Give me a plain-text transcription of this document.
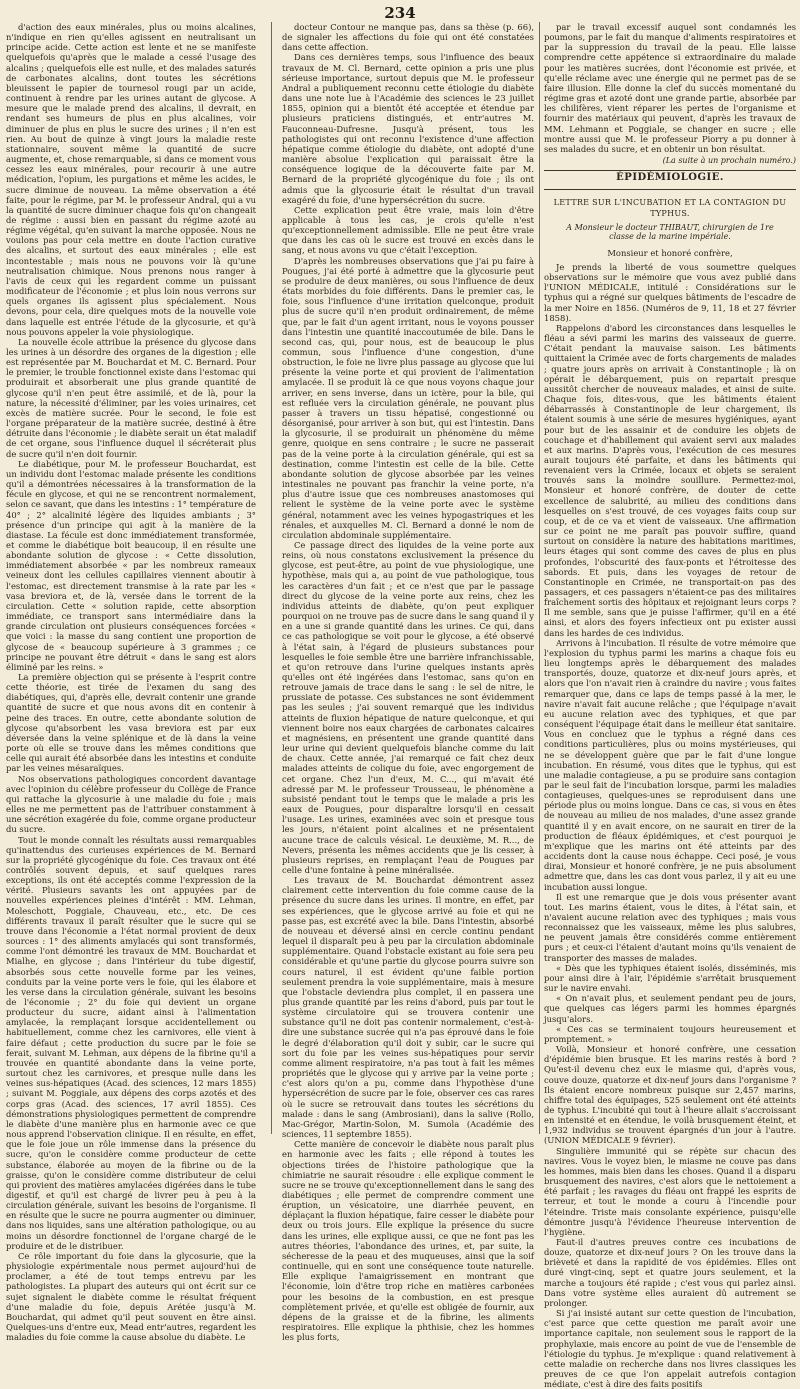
234

d'action des eaux minérales, plus ou moins alcalines, n'indique en rien qu'elles agissent en neutralisant un principe acide. Cette action est lente et ne se manifeste quelquefois qu'après que le malade a cessé l'usage des alcalins ; quelquefois elle est nulle, et des malades saturés de carbonates alcalins, dont toutes les sécrétions bleuissent le papier de tournesol rougi par un acide, continuent à rendre par les urines autant de glycose. A mesure que le malade prend des alcalins, il devrait, en rendant ses humeurs de plus en plus alcalines, voir diminuer de plus en plus le sucre des urines ; il n'en est rien. Au bout de quinze à vingt jours la maladie reste stationnaire, souvent même la quantité de sucre augmente, et, chose remarquable, si dans ce moment vous cessez les eaux minérales, pour recourir à une autre médication, l'opium, les purgations et même les acides, le sucre diminue de nouveau. La même observation a été faite, pour le régime, par M. le professeur Andral, qui a vu la quantité de sucre diminuer chaque fois qu'on changeait de régime : aussi bien en passant du régime azoté au régime végétal, qu'en suivant la marche opposée. Nous ne voulons pas pour cela mettre en doute l'action curative des alcalins, et surtout des eaux minérales ; elle est incontestable ; mais nous ne pouvons voir là qu'une neutralisation chimique. Nous prenons nous ranger à l'avis de ceux qui les regardent comme un puissant modificateur de l'économie ; et plus loin nous verrons sur quels organes ils agissent plus spécialement. Nous devons, pour cela, dire quelques mots de la nouvelle voie dans laquelle est entrée l'étude de la glycosurie, et qu'à nous pouvons appeler la voie physiologique.

La nouvelle école attribue la présence du glycose dans les urines à un désordre des organes de la digestion ; elle est représentée par M. Bouchardat et M. C. Bernard. Pour le premier, le trouble fonctionnel existe dans l'estomac qui produirait et absorberait une plus grande quantité de glycose qu'il n'en peut être assimilé, et de là, pour la nature, la nécessité d'éliminer, par les voies urinaires, cet excès de matière sucrée. Pour le second, le foie est l'organe préparateur de la matière sucrée, destiné à être détruite dans l'économie ; le diabète serait un état maladif de cet organe, sous l'influence duquel il sécréterait plus de sucre qu'il n'en doit fournir.

Le diabétique, pour M. le professeur Bouchardat, est un individu dont l'estomac malade présente les conditions qu'il a démontrées nécessaires à la transformation de la fécule en glycose, et qui ne se rencontrent normalement, selon ce savant, que dans les intestins : 1° température de 40° ; 2° alcalinité légère des liquides ambiants ; 3° présence d'un principe qui agit à la manière de la diastase. La fécule est donc immédiatement transformée, et comme le diabétique boit beaucoup, il en résulte une abondante solution de glycose : « Cette dissolution, immédiatement absorbée « par les nombreux rameaux veineux dont les cellules capillaires viennent aboutir à l'estomac, est directement transmise à la rate par les « vasa breviora et, de là, versée dans le torrent de la circulation. Cette « solution rapide, cette absorption immédiate, ce transport sans intermédiaire dans la grande circulation ont plusieurs conséquences forcées « que voici : la masse du sang contient une proportion de glycose de « beaucoup supérieure à 3 grammes ; ce principe ne pouvant être détruit « dans le sang est alors éliminé par les reins. »

La première objection qui se présente à l'esprit contre cette théorie, est tirée de l'examen du sang des diabétiques, qui, d'après elle, devrait contenir une grande quantité de sucre et que nous avons dit en contenir à peine des traces. En outre, cette abondante solution de glycose qu'absorbent les vasa breviora est par eux déversée dans la veine splénique et de là dans la veine porte où elle se trouve dans les mêmes conditions que celle qui aurait été absorbée dans les intestins et conduite par les veines mésaraïques.

Nos observations pathologiques concordent davantage avec l'opinion du célèbre professeur du Collège de France qui rattache la glycosurie à une maladie du foie ; mais elles ne me permettent pas de l'attribuer constamment à une sécrétion exagérée du foie, comme organe producteur du sucre.

Tout le monde connaît les résultats aussi remarquables qu'inattendus des curieuses expériences de M. Bernard sur la propriété glycogénique du foie. Ces travaux ont été contrôlés souvent depuis, et sauf quelques rares exceptions, ils ont été acceptés comme l'expression de la vérité. Plusieurs savants les ont appuyées par de nouvelles expériences pleines d'intérêt : MM. Lehman, Moleschott, Poggiale, Chauveau, etc., etc. De ces différents travaux il paraît résulter que le sucre qui se trouve dans l'économie a l'état normal provient de deux sources : 1° des aliments amylacés qui sont transformés, comme l'ont démontré les travaux de MM. Bouchardat et Mialhe, en glycose ; dans l'intérieur du tube digestif, absorbés sous cette nouvelle forme par les veines, conduits par la veine porte vers le foie, qui les élabore et les verse dans la circulation générale, suivant les besoins de l'économie ; 2° du foie qui devient un organe producteur du sucre, aidant ainsi à l'alimentation amylacée, la remplaçant lorsque accidentellement ou habituellement, comme chez les carnivores, elle vient à faire défaut ; cette production du sucre par le foie se ferait, suivant M. Lehman, aux dépens de la fibrine qu'il a trouvée en quantité abondante dans la veine porte, surtout chez les carnivores, et presque nulle dans les veines sus-hépatiques (Acad. des sciences, 12 mars 1855) ; suivant M. Poggiale, aux dépens des corps azotés et des corps gras (Acad. des sciences, 17 avril 1855). Ces démonstrations physiologiques permettent de comprendre le diabète d'une manière plus en harmonie avec ce que nous apprend l'observation clinique. Il en résulte, en effet, que le foie joue un rôle immense dans la présence du sucre, qu'on le considère comme producteur de cette substance, élaborée au moyen de la fibrine ou de la graisse, qu'on le considère comme distributeur de celui qui provient des matières amylacées digérées dans le tube digestif, et qu'il est chargé de livrer peu à peu à la circulation générale, suivant les besoins de l'organisme. Il en résulte que le sucre ne pourra augmenter ou diminuer, dans nos liquides, sans une altération pathologique, ou au moins un désordre fonctionnel de l'organe chargé de le produire et de le distribuer.

Ce rôle important du foie dans la glycosurie, que la physiologie expérimentale nous permet aujourd'hui de proclamer, a été de tout temps entrevu par les pathologistes. La plupart des auteurs qui ont écrit sur ce sujet signalent le diabète comme le résultat fréquent d'une maladie du foie, depuis Arétée jusqu'à M. Bouchardat, qui admet qu'il peut souvent en être ainsi. Quelques-uns d'entre eux, Mead entr'autres, regardent les maladies du foie comme la cause absolue du diabète. Le

docteur Contour ne manque pas, dans sa thèse (p. 66), de signaler les affections du foie qui ont été constatées dans cette affection.

Dans ces dernières temps, sous l'influence des beaux travaux de M. Cl. Bernard, cette opinion a pris une plus sérieuse importance, surtout depuis que M. le professeur Andral a publiquement reconnu cette étiologie du diabète dans une note lue à l'Académie des sciences le 23 juillet 1855, opinion qui a bientôt été acceptée et étendue par plusieurs praticiens distingués, et entr'autres M. Fauconneau-Dufresne. Jusqu'à présent, tous les pathologistes qui ont reconnu l'existence d'une affection hépatique comme étiologie du diabète, ont adopté d'une manière absolue l'explication qui paraissait être la conséquence logique de la découverte faite par M. Bernard de la propriété glycogénique du foie ; ils ont admis que la glycosurie était le résultat d'un travail exagéré du foie, d'une hypersécrétion du sucre.

Cette explication peut être vraie, mais loin d'être applicable à tous les cas, je crois qu'elle n'est qu'exceptionnellement admissible. Elle ne peut être vraie que dans les cas où le sucre est trouvé en excès dans le sang, et nous avons vu que c'était l'exception.

D'après les nombreuses observations que j'ai pu faire à Pougues, j'ai été porté à admettre que la glycosurie peut se produire de deux manières, ou sous l'influence de deux états morbides du foie différents. Dans le premier cas, le foie, sous l'influence d'une irritation quelconque, produit plus de sucre qu'il n'en produit ordinairement, de même que, par le fait d'un agent irritant, nous le voyons pousser dans l'intestin une quantité inaccoutumée de bile. Dans le second cas, qui, pour nous, est de beaucoup le plus commun, sous l'influence d'une congestion, d'une obstruction, le foie ne livre plus passage au glycose que lui présente la veine porte et qui provient de l'alimentation amylacée. Il se produit là ce que nous voyons chaque jour arriver, en sens inverse, dans un ictère, pour la bile, qui est refluée vers la circulation générale, ne pouvant plus passer à travers un tissu hépatisé, congestionné ou désorganisé, pour arriver à son but, qui est l'intestin. Dans la glycosurie, il se produirait un phénomène du même genre, quoique en sens contraire ; le sucre ne passerait pas de la veine porte à la circulation générale, qui est sa destination, comme l'intestin est celle de la bile. Cette abondante solution de glycose absorbée par les veines intestinales ne pouvant pas franchir la veine porte, n'a plus d'autre issue que ces nombreuses anastomoses qui relient le système de la veine porte avec le système général, notamment avec les veines hypogastriques et les rénales, et auxquelles M. Cl. Bernard a donné le nom de circulation abdominale supplémentaire.

Ce passage direct des liquides de la veine porte aux reins, où nous constatons exclusivement la présence du glycose, est peut-être, au point de vue physiologique, une hypothèse, mais qui a, au point de vue pathologique, tous les caractères d'un fait ; et ce n'est que par le passage direct du glycose de la veine porte aux reins, chez les individus atteints de diabète, qu'on peut expliquer pourquoi on ne trouve pas de sucre dans le sang quand il y en a une si grande quantité dans les urines. Ce qui, dans ce cas pathologique se voit pour le glycose, a été observé à l'état sain, à l'égard de plusieurs substances pour lesquelles le foie semble être une barrière infranchissable, et qu'on retrouve dans l'urine quelques instants après qu'elles ont été ingérées dans l'estomac, sans qu'on en retrouve jamais de trace dans le sang : le sel de nitre, le prussiate de potasse. Ces substances ne sont évidemment pas les seules ; j'ai souvent remarqué que les individus atteints de fluxion hépatique de nature quelconque, et qui viennent boire nos eaux chargées de carbonates calcaires et magnésiens, en présentent une grande quantité dans leur urine qui devient quelquefois blanche comme du lait de chaux. Cette année, j'ai remarqué ce fait chez deux malades atteints de colique du foie, avec engorgement de cet organe. Chez l'un d'eux, M. C..., qui m'avait été adressé par M. le professeur Trousseau, le phénomène a subsisté pendant tout le temps que le malade a pris les eaux de Pougues, pour disparaître lorsqu'il en cessait l'usage. Les urines, examinées avec soin et presque tous les jours, n'étaient point alcalines et ne présentaient aucune trace de calculs vésical. Le deuxième, M. R..., de Nevers, présenta les mêmes accidents que je lis cesser, à plusieurs reprises, en remplaçant l'eau de Pougues par celle d'une fontaine à peine minéralisée.

Les travaux de M. Bouchardat démontrent assez clairement cette intervention du foie comme cause de la présence du sucre dans les urines. Il montre, en effet, par ses expériences, que le glycose arrivé au foie et qui ne passe pas, est excrété avec la bile. Dans l'intestin, absorbé de nouveau et déversé ainsi en cercle continu pendant lequel il disparaît peu à peu par la circulation abdominale supplémentaire. Quand l'obstacle existant au foie sera peu considérable et qu'une partie du glycose pourra suivre son cours naturel, il est évident qu'une faible portion seulement prendra la voie supplémentaire, mais à mesure que l'obstacle deviendra plus complet, il en passera une plus grande quantité par les reins d'abord, puis par tout le système circulatoire qui se trouvera contenir une substance qu'il ne doit pas contenir normalement, c'est-à-dire une substance sucrée qui n'a pas éprouvé dans le foie le degré d'élaboration qu'il doit y subir, car le sucre qui sort du foie par les veines sus-hépatiques pour servir comme aliment respiratoire, n'a pas tout à fait les mêmes propriétés que le glycose qui y arrive par la veine porte ; c'est alors qu'on a pu, comme dans l'hypothèse d'une hypersécrétion de sucre par le foie, observer ces cas rares où le sucre se retrouvait dans toutes les sécrétions du malade : dans le sang (Ambrosiani), dans la salive (Rollo, Mac-Grégor, Martin-Solon, M. Sumola (Académie des sciences, 11 septembre 1855).

Cette manière de concevoir le diabète nous paraît plus en harmonie avec les faits ; elle répond à toutes les objections tirées de l'histoire pathologique que la chimiatrie ne saurait résoudre : elle explique comment le sucre ne se trouve qu'exceptionnellement dans le sang des diabétiques ; elle permet de comprendre comment une éruption, un vésicatoire, une diarrhée peuvent, en déplaçant la fluxion hépatique, faire cesser le diabète pour deux ou trois jours. Elle explique la présence du sucre dans les urines, elle explique aussi, ce que ne font pas les autres théories, l'abondance des urines, et, par suite, la sécheresse de la peau et des muqueuses, ainsi que la soif continuelle, qui en sont une conséquence toute naturelle. Elle explique l'amaigrissement en montrant que l'économie, loin d'être trop riche en matières carbonées pour les besoins de la combustion, en est presque complètement privée, et qu'elle est obligée de fournir, aux dépens de la graisse et de la fibrine, les aliments respiratoires. Elle explique la phthisie, chez les hommes les plus forts,

par le travail excessif auquel sont condamnés les poumons, par le fait du manque d'aliments respiratoires et par la suppression du travail de la peau. Elle laisse comprendre cette appétence si extraordinaire du malade pour les matières sucrées, dont l'économie est privée, et qu'elle réclame avec une énergie qui ne permet pas de se faire illusion. Elle donne la clef du succès momentané du régime gras et azoté dont une grande partie, absorbée par les chilifères, vient réparer les pertes de l'organisme et fournir des matériaux qui peuvent, d'après les travaux de MM. Lehmann et Poggiale, se changer en sucre ; elle montre aussi que M. le professeur Piorry a pu donner à ses malades du sucre, et en obtenir un bon résultat.

(La suite à un prochain numéro.)
ÉPIDÉMIOLOGIE.
LETTRE SUR L'INCUBATION ET LA CONTAGION DU TYPHUS.
A Monsieur le docteur THIBAUT, chirurgien de 1re classe de la marine impériale.
Monsieur et honoré confrère,

Je prends la liberté de vous soumettre quelques observations sur le mémoire que vous avez publié dans l'UNION MÉDICALE, intitulé : Considérations sur le typhus qui a régné sur quelques bâtiments de l'escadre de la mer Noire en 1856. (Numéros de 9, 11, 18 et 27 février 1858).

Rappelons d'abord les circonstances dans lesquelles le fléau a sévi parmi les marins des vaisseaux de guerre. C'était pendant la mauvaise saison. Les bâtiments quittaient la Crimée avec de forts chargements de malades ; quatre jours après on arrivait à Constantinople ; là on opérait le débarquement, puis on repartait presque aussitôt chercher de nouveaux malades, et ainsi de suite. Chaque fois, dites-vous, que les bâtiments étaient débarrassés à Constantinople de leur chargement, ils étaient soumis à une série de mesures hygiéniques, ayant pour but de les assainir et de conduire les objets de couchage et d'habillement qui avaient servi aux malades et aux marins. D'après vous, l'exécution de ces mesures aurait toujours été parfaite, et dans les bâtiments qui revenaient vers la Crimée, locaux et objets se seraient trouvés sans la moindre souillure. Permettez-moi, Monsieur et honoré confrère, de douter de cette excellence de salubrité, au milieu des conditions dans lesquelles on s'est trouvé, de ces voyages faits coup sur coup, et de ce va et vient de vaisseaux. Une affirmation sur ce point ne me paraît pas pouvoir suffire, quand surtout on considère la nature des habitations maritimes, leurs étages qui sont comme des caves de plus en plus profondes, l'obscurité des faux-ponts et l'étroitesse des sabords. Et puis, dans les voyages de retour de Constantinople en Crimée, ne transportait-on pas des passagers, et ces passagers n'étaient-ce pas des militaires fraîchement sortis des hôpitaux et rejoignant leurs corps ? Il me semble, sans que je puisse l'affirmer, qu'il en a été ainsi, et alors des foyers infectieux ont pu exister aussi dans les hardes de ces individus.

Arrivons à l'incubation. Il résulte de votre mémoire que l'explosion du typhus parmi les marins a chaque fois eu lieu longtemps après le débarquement des malades transportés, douze, quatorze et dix-neuf jours après, et alors que l'on n'avait rien à craindre du navire ; vous faites remarquer que, dans ce laps de temps passé à la mer, le navire n'avait fait aucune relâche ; que l'équipage n'avait eu aucune relation avec des typhiques, et que par conséquent l'équipage était dans le meilleur état sanitaire. Vous en concluez que le typhus a régné dans ces conditions particulières, plus ou moins mystérieuses, qui ne se développent guère que par le fait d'une longue incubation. En résumé, vous dites que le typhus, qui est une maladie contagieuse, a pu se produire sans contagion par le seul fait de l'incubation lorsque, parmi les maladies contagieuses, quelques-unes se reproduisent dans une période plus ou moins longue. Dans ce cas, si vous en êtes de nouveau au milieu de nos malades, d'une assez grande quantité il y en avait encore, on ne saurait en tirer de la production de fléaux épidémiques, et c'est pourquoi je m'explique que les marins ont été atteints par des accidents dont la cause nous échappe. Ceci posé, je vous dirai, Monsieur et honoré confrère, je ne puis absolument admettre que, dans les cas dont vous parlez, il y ait eu une incubation aussi longue.

Il est une remarque que je dois vous présenter avant tout. Les marins étaient, vous le dites, à l'état sain, et n'avaient aucune relation avec des typhiques ; mais vous reconnaissez que les vaisseaux, même les plus salubres, ne peuvent jamais être considérés comme entièrement purs ; et ceux-ci l'étaient d'autant moins qu'ils venaient de transporter des masses de malades.

« Dès que les typhiques étaient isolés, disséminés, mis pour ainsi dire à l'air, l'épidémie s'arrêtait brusquement sur le navire envahi.

« On n'avait plus, et seulement pendant peu de jours, que quelques cas légers parmi les hommes épargnés jusqu'alors.

« Ces cas se terminaient toujours heureusement et promptement. »

Voilà, Monsieur et honoré confrère, une cessation d'épidémie bien brusque. Et les marins restés à bord ? Qu'est-il devenu chez eux le miasme qui, d'après vous, couve douze, quatorze et dix-neuf jours dans l'organisme ? Ils étaient encore nombreux puisque sur 2,457 marins, chiffre total des équipages, 525 seulement ont été atteints de typhus. L'incubité qui tout à l'heure allait s'accroissant en intensité et en étendue, le voilà brusquement éteint, et 1,932 individus se trouvent épargnés d'un jour à l'autre. (UNION MÉDICALE 9 février).

Singulière immunité qui se répète sur chacun des navires. Vous le voyez bien, le miasme ne couve pas dans les hommes, mais bien dans les choses. Quand il a disparu brusquement des navires, c'est alors que le nettoiement a été parfait ; les ravages du fléau ont frappé les esprits de terreur, et tout le monde a couru à l'incendie pour l'éteindre. Triste mais consolante expérience, puisqu'elle démontre jusqu'à l'évidence l'heureuse intervention de l'hygiène.

Faut-il d'autres preuves contre ces incubations de douze, quatorze et dix-neuf jours ? On les trouve dans la brièveté et dans la rapidité de vos épidémies. Elles ont duré vingt-cinq, sept et quatre jours seulement, et la marche a toujours été rapide ; c'est vous qui parlez ainsi. Dans votre système elles auraient dû autrement se prolonger.

Si j'ai insisté autant sur cette question de l'incubation, c'est parce que cette question me paraît avoir une importance capitale, non seulement sous le rapport de la prophylaxie, mais encore au point de vue de l'ensemble de l'étiologie du typhus. Je m'explique : quand relativement à cette maladie on recherche dans nos livres classiques les preuves de ce que l'on appelait autrefois contagion médiate, c'est à dire des faits positifs
